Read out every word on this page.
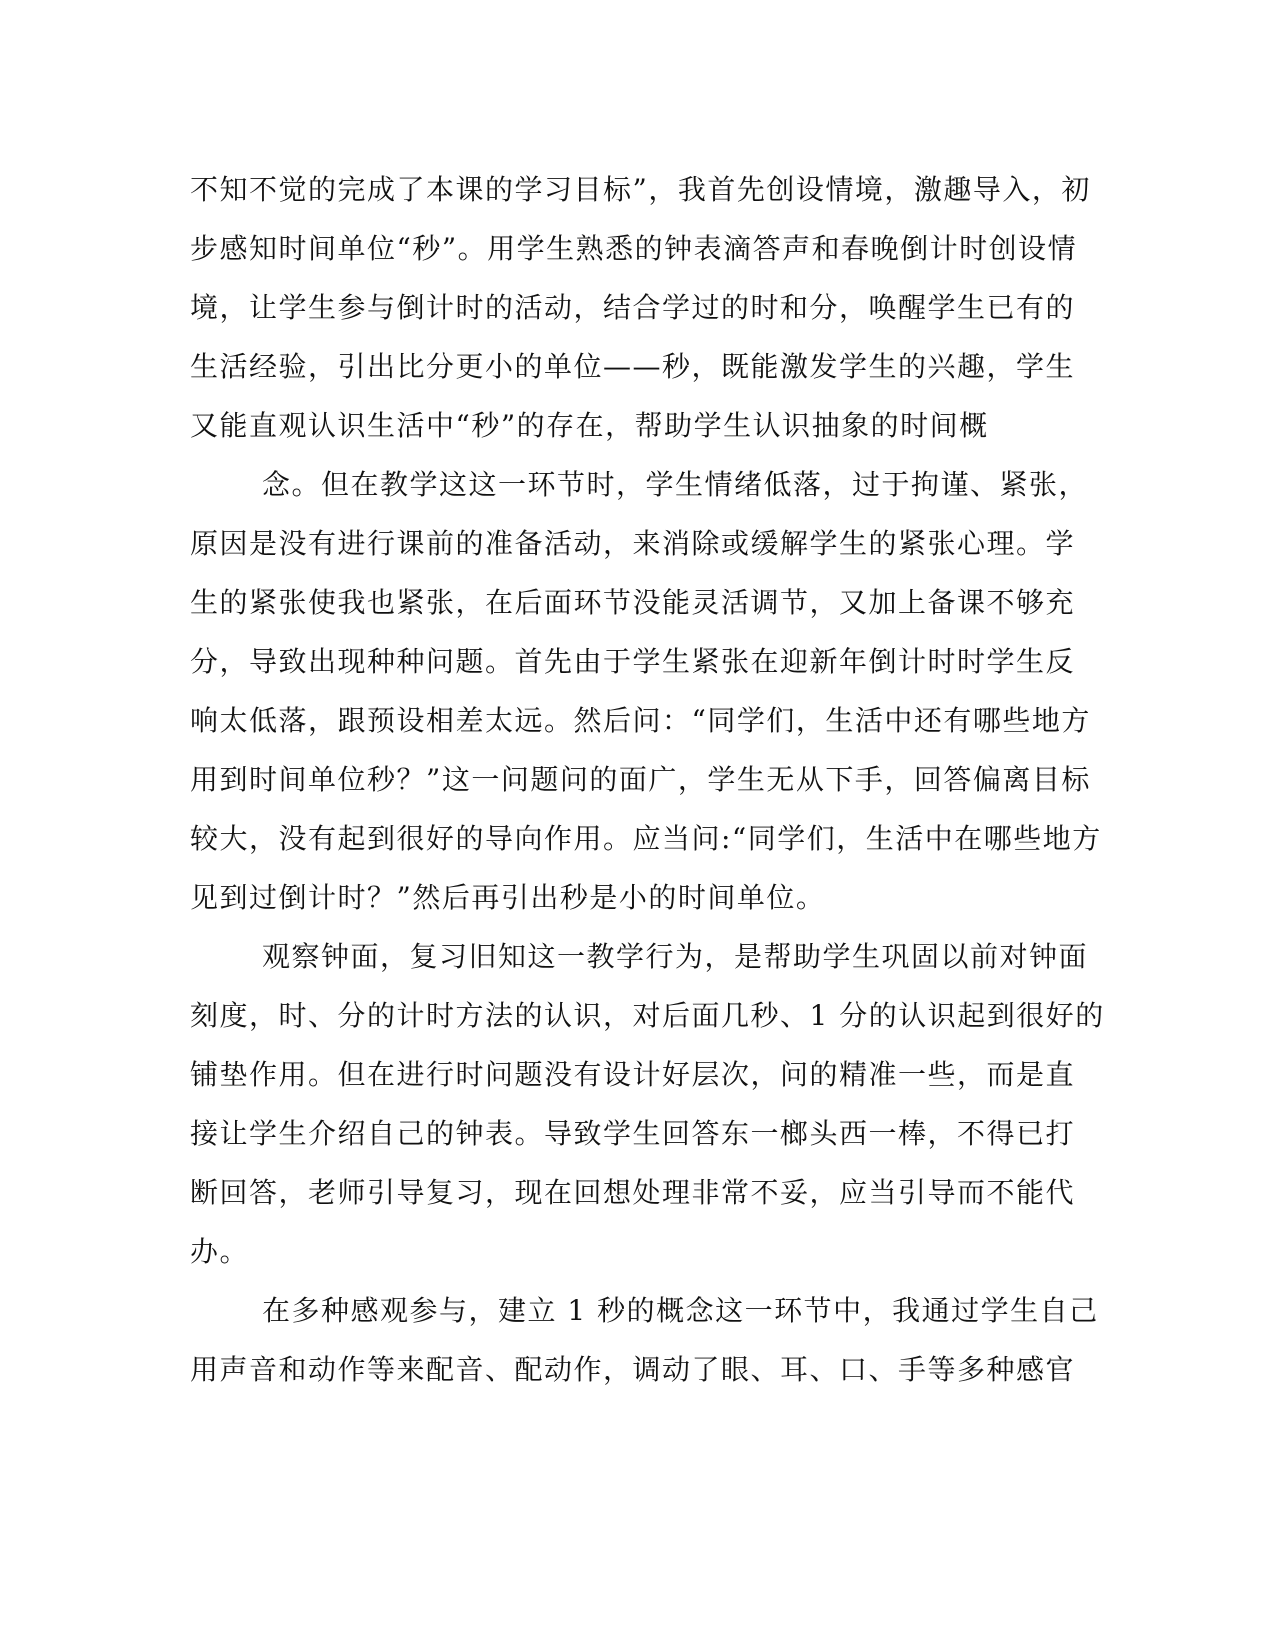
不知不觉的完成了本课的学习目标”，我首先创设情境，激趣导入，初
步感知时间单位“秒”。用学生熟悉的钟表滴答声和春晚倒计时创设情
境，让学生参与倒计时的活动，结合学过的时和分，唤醒学生已有的
生活经验，引出比分更小的单位——秒，既能激发学生的兴趣，学生
又能直观认识生活中“秒”的存在，帮助学生认识抽象的时间概
念。但在教学这这一环节时，学生情绪低落，过于拘谨、紧张，
原因是没有进行课前的准备活动，来消除或缓解学生的紧张心理。学
生的紧张使我也紧张，在后面环节没能灵活调节，又加上备课不够充
分，导致出现种种问题。首先由于学生紧张在迎新年倒计时时学生反
响太低落，跟预设相差太远。然后问：“同学们，生活中还有哪些地方
用到时间单位秒？”这一问题问的面广，学生无从下手，回答偏离目标
较大，没有起到很好的导向作用。应当问:“同学们，生活中在哪些地方
见到过倒计时？”然后再引出秒是小的时间单位。
观察钟面，复习旧知这一教学行为，是帮助学生巩固以前对钟面
刻度，时、分的计时方法的认识，对后面几秒、1 分的认识起到很好的
铺垫作用。但在进行时问题没有设计好层次，问的精准一些，而是直
接让学生介绍自己的钟表。导致学生回答东一榔头西一棒，不得已打
断回答，老师引导复习，现在回想处理非常不妥，应当引导而不能代
办。
在多种感观参与，建立 1 秒的概念这一环节中，我通过学生自己
用声音和动作等来配音、配动作，调动了眼、耳、口、手等多种感官
